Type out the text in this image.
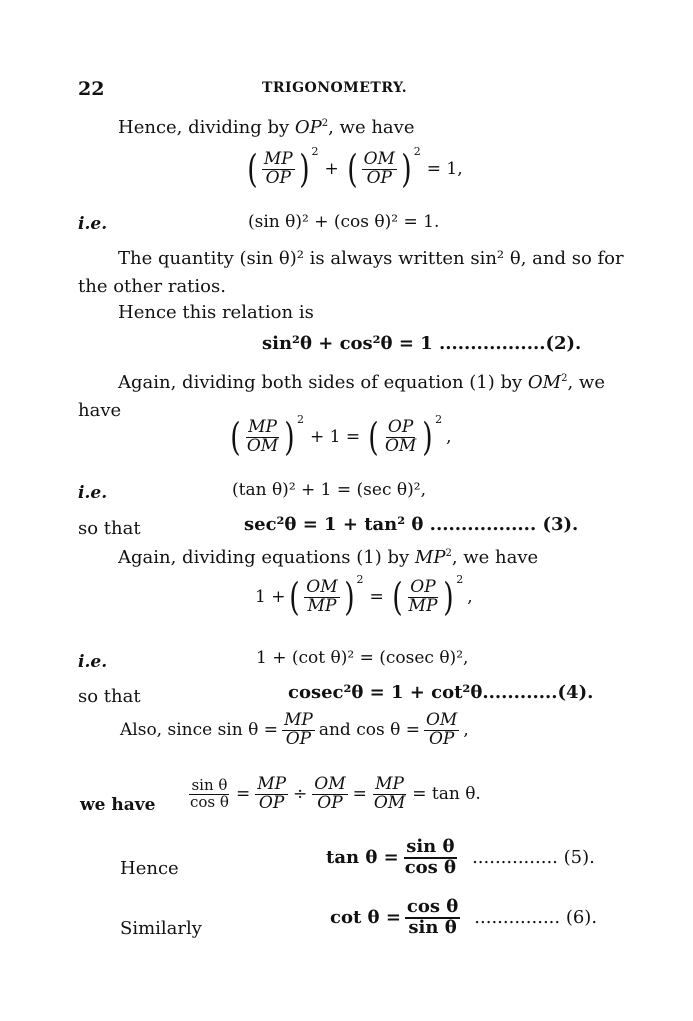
22	TRIGONOMETRY.
Hence, dividing by $OP^2$, we have
( $\frac{MP}{OP}$ ) 2
+ ( $\frac{OM}{OP}$ ) 2
= 1,
i.e.	(sin θ)² + (cos θ)² = 1.
The quantity (sin θ)² is always written sin² θ, and so for
the other ratios.
Hence this relation is
sin²θ + cos²θ = 1 .................(2).
Again, dividing both sides of equation (1) by $OM^2$, we
have
( $\frac{MP}{OM}$ ) 2
+ 1 = ( $\frac{OP}{OM}$ ) 2
,
i.e.	(tan θ)² + 1 = (sec θ)²,
so that	sec²θ = 1 + tan² θ ................. (3).
Again, dividing equations (1) by $MP^2$, we have
1 + ( $\frac{OM}{MP}$ ) 2
= ( $\frac{OP}{MP}$ ) 2
,
i.e.	1 + (cot θ)² = (cosec θ)²,
so that	cosec²θ = 1 + cot²θ............(4).
Also, since $\sin \theta = \frac{MP}{OP}$ and $\cos \theta = \frac{OM}{OP}$ ,
we have $\frac{\text{sin θ}}{\text{cos θ}} = \frac{MP}{OP} \div \frac{OM}{OP} = \frac{MP}{OM} = \tan \theta$.
Hence
$\tan \theta = \frac{\text{sin θ}}{\text{cos θ}}$ ............... (5).
Similarly
$\cot \theta = \frac{\text{cos θ}}{\text{sin θ}}$ ............... (6).
